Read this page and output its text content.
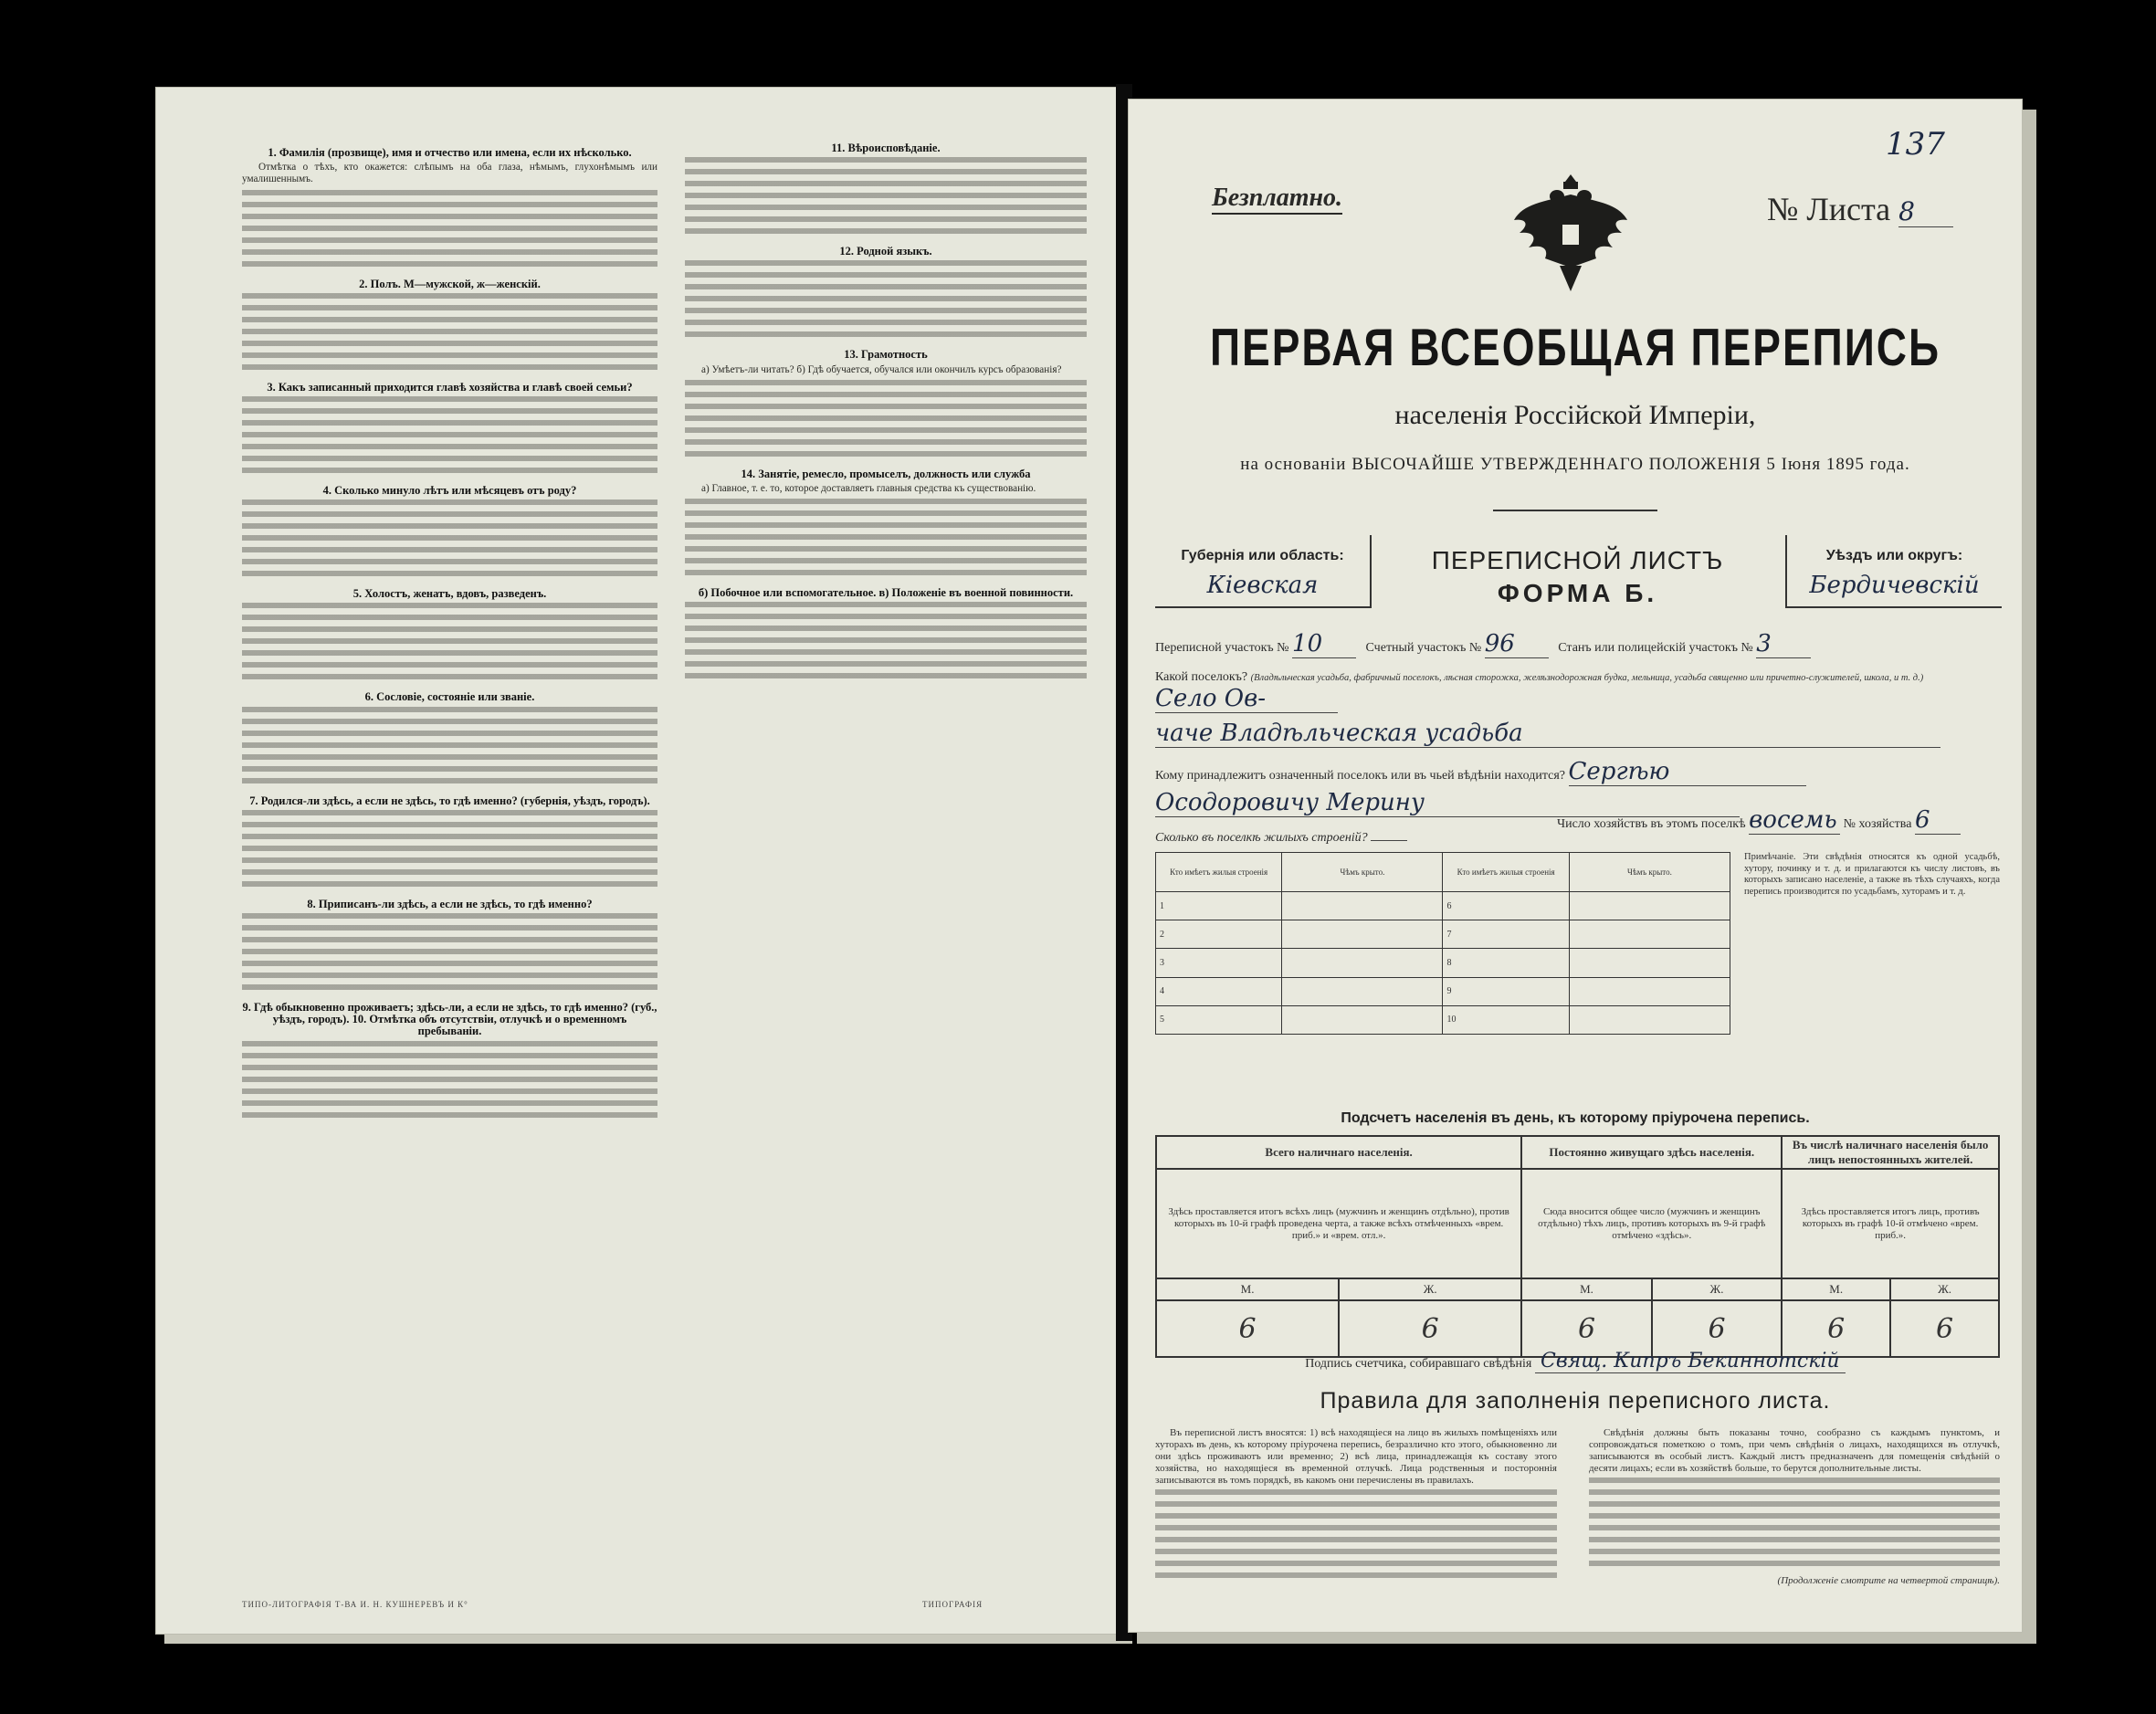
1. Фамилія (прозвище), имя и отчество или имена, если их нѣсколько.

Отмѣтка о тѣхъ, кто окажется: слѣпымъ на оба глаза, нѣмымъ, глухонѣмымъ или умалишеннымъ.

2. Полъ. М—мужской, ж—женскій.

3. Какъ записанный приходится главѣ хозяйства и главѣ своей семьи?

4. Сколько минуло лѣтъ или мѣсяцевъ отъ роду?

5. Холостъ, женатъ, вдовъ, разведенъ.

6. Сословіе, состояніе или званіе.

7. Родился-ли здѣсь, а если не здѣсь, то гдѣ именно? (губернія, уѣздъ, городъ).

8. Приписанъ-ли здѣсь, а если не здѣсь, то гдѣ именно?

9. Гдѣ обыкновенно проживаетъ; здѣсь-ли, а если не здѣсь, то гдѣ именно? (губ., уѣздъ, городъ). 10. Отмѣтка объ отсутствіи, отлучкѣ и о временномъ пребываніи.

11. Вѣроисповѣданіе.

12. Родной языкъ.

13. Грамотность

а) Умѣетъ-ли читать? б) Гдѣ обучается, обучался или окончилъ курсъ образованія?

14. Занятіе, ремесло, промыселъ, должность или служба

а) Главное, т. е. то, которое доставляетъ главныя средства къ существованію.

б) Побочное или вспомогательное. в) Положеніе въ военной повинности.

ТИПО-ЛИТОГРАФІЯ Т-ВА И. Н. КУШНЕРЕВЪ И К°	ТИПОГРАФІЯ
137
Безплатно.	№ Листа 8
ПЕРВАЯ ВСЕОБЩАЯ ПЕРЕПИСЬ
населенія Россійской Имперіи,
на основаніи ВЫСОЧАЙШЕ УТВЕРЖДЕННАГО ПОЛОЖЕНІЯ 5 Іюня 1895 года.
Губернія или область:
Кіевская
ПЕРЕПИСНОЙ ЛИСТЪ
ФОРМА Б.
Уѣздъ или округъ:
Бердичевскій
Переписной участокъ № 10	Счетный участокъ № 96	Станъ или полицейскій участокъ № 3
Какой поселокъ? (Владѣльческая усадьба, фабричный поселокъ, лѣсная сторожка, желѣзнодорожная будка, мельница, усадьба священно или причетно-служителей, школа, и т. д.) Село Ов-
чаче Владѣльческая усадьба
Кому принадлежитъ означенный поселокъ или въ чьей вѣдѣніи находится? Сергѣю
Осодоровичу Мерину
Число хозяйствъ въ этомъ поселкѣ восемь № хозяйства 6
Сколько въ поселкѣ жилыхъ строеній?
Кто имѣетъ жилыя строенія	Чѣмъ крыто.	Кто имѣетъ жилыя строенія	Чѣмъ крыто.
1		6	
2		7	
3		8	
4		9	
5		10	
Примѣчаніе. Эти свѣдѣнія относятся къ одной усадьбѣ, хутору, починку и т. д. и прилагаются къ числу листовъ, въ которыхъ записано населеніе, а также въ тѣхъ случаяхъ, когда перепись производится по усадьбамъ, хуторамъ и т. д.
Подсчетъ населенія въ день, къ которому пріурочена перепись.
Всего наличнаго населенія.		Постоянно живущаго здѣсь населенія.		Въ числѣ наличнаго населенія было лицъ непостоянныхъ жителей.	
Здѣсь проставляется итогъ всѣхъ лицъ (мужчинъ и женщинъ отдѣльно), против которыхъ въ 10-й графѣ проведена черта, а также всѣхъ отмѣченныхъ «врем. приб.» и «врем. отл.».		Сюда вносится общее число (мужчинъ и женщинъ отдѣльно) тѣхъ лицъ, противъ которыхъ въ 9-й графѣ отмѣчено «здѣсь».		Здѣсь проставляется итогъ лицъ, противъ которыхъ въ графѣ 10-й отмѣчено «врем. приб.».	
М.	Ж.	М.	Ж.	М.	Ж.
6	6	6	6	6	6
Подпись счетчика, собиравшаго свѣдѣнія Свящ. Кипръ Бекиннотскій
Правила для заполненія переписного листа.

Въ переписной листъ вносятся: 1) всѣ находящіеся на лицо въ жилыхъ помѣщеніяхъ или хуторахъ въ день, къ которому пріурочена перепись, безразлично кто этого, обыкновенно ли они здѣсь проживаютъ или временно; 2) всѣ лица, принадлежащія къ составу этого хозяйства, но находящіеся въ временной отлучкѣ. Лица родственныя и постороннія записываются въ томъ порядкѣ, въ какомъ они перечислены въ правилахъ.

Свѣдѣнія должны быть показаны точно, сообразно съ каждымъ пунктомъ, и сопровождаться пометкою о томъ, при чемъ свѣдѣнія о лицахъ, находящихся въ отлучкѣ, записываются въ особый листъ. Каждый листъ предназначенъ для помещенія свѣдѣній о десяти лицахъ; если въ хозяйствѣ больше, то берутся дополнительные листы.

(Продолженіе смотрите на четвертой страницѣ).
